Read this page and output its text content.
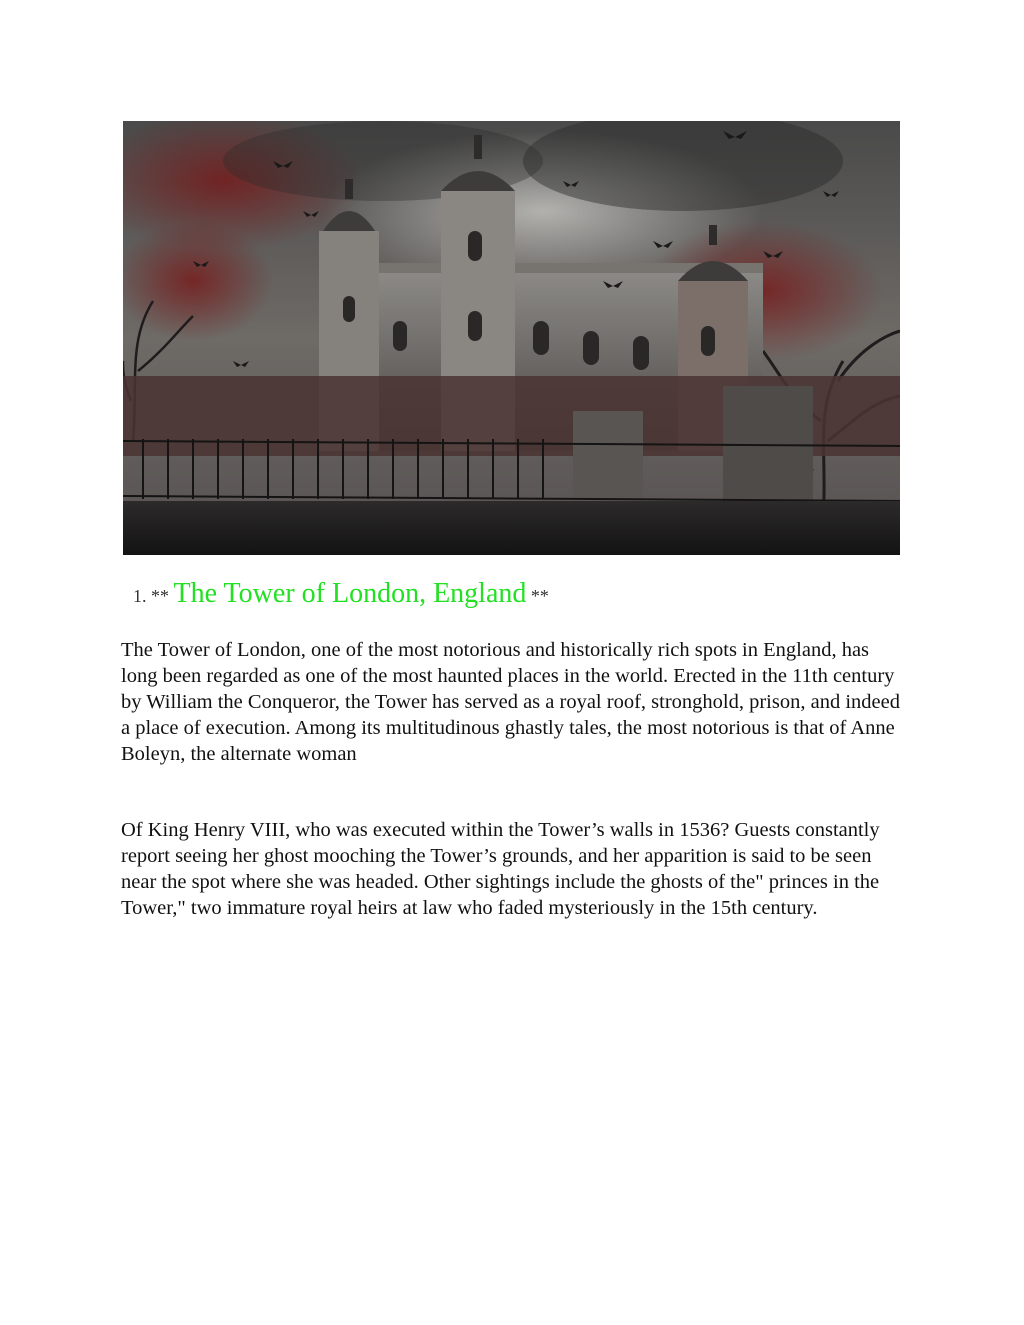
1. ** The Tower of London, England **

The Tower of London, one of the most notorious and historically rich spots in England, has long been regarded as one of the most haunted places in the world. Erected in the 11th century by William the Conqueror, the Tower has served as a royal roof, stronghold, prison, and indeed a place of execution. Among its multitudinous ghastly tales, the most notorious is that of Anne Boleyn, the alternate woman

Of King Henry VIII, who was executed within the Tower’s walls in 1536? Guests constantly report seeing her ghost mooching the Tower’s grounds, and her apparition is said to be seen near the spot where she was headed. Other sightings include the ghosts of the" princes in the Tower," two immature royal heirs at law who faded mysteriously in the 15th century.
